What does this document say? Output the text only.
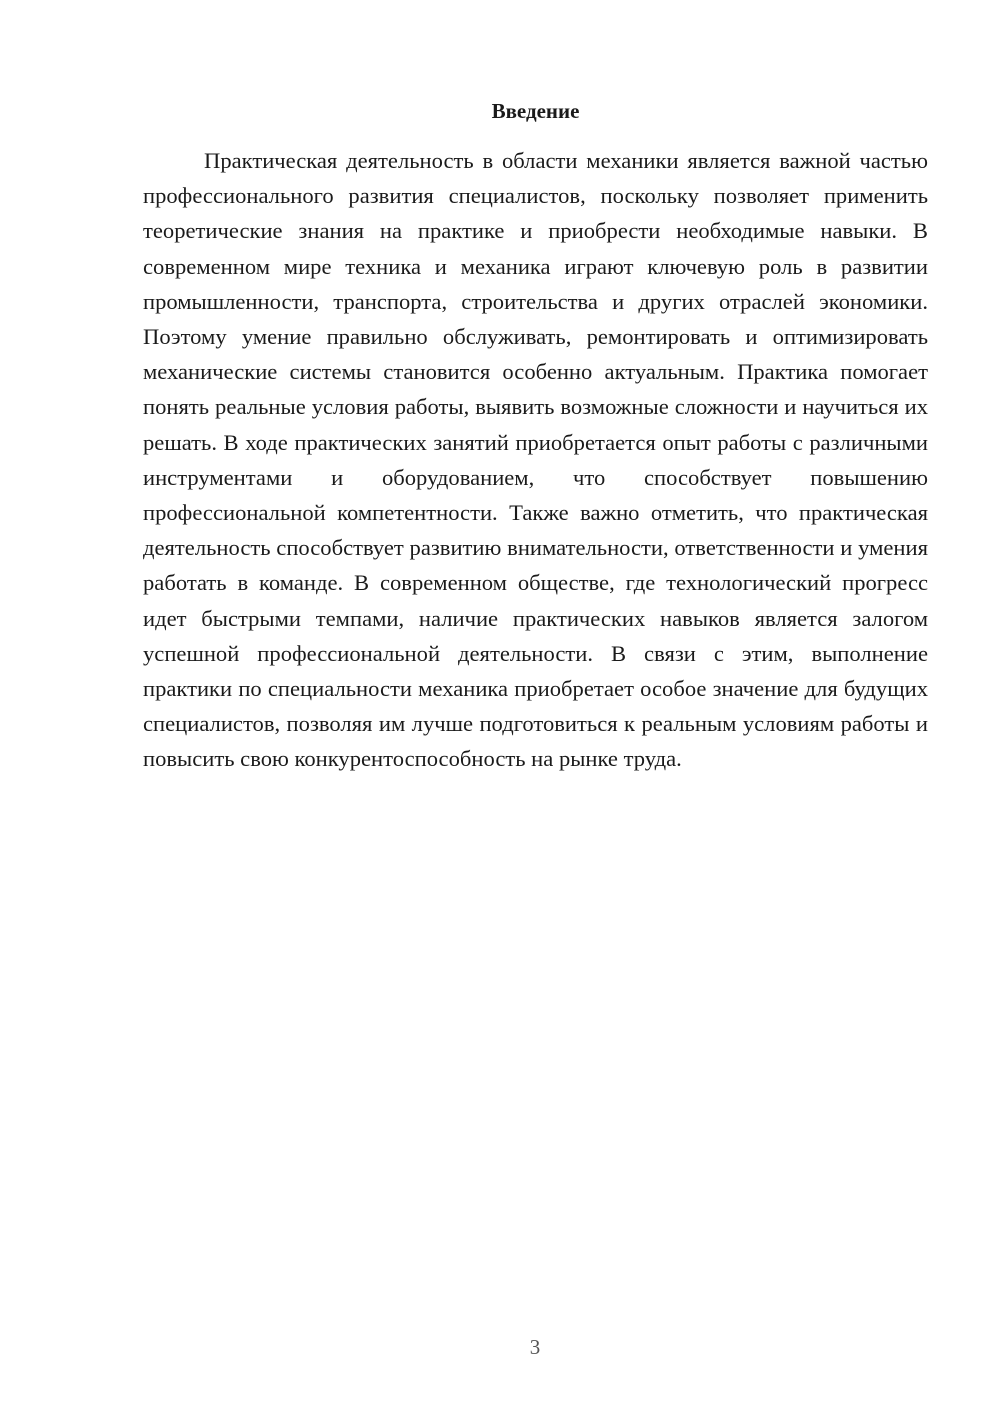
Введение

Практическая деятельность в области механики является важной частью профессионального развития специалистов, поскольку позволяет применить теоретические знания на практике и приобрести необходимые навыки. В современном мире техника и механика играют ключевую роль в развитии промышленности, транспорта, строительства и других отраслей экономики. Поэтому умение правильно обслуживать, ремонтировать и оптимизировать механические системы становится особенно актуальным. Практика помогает понять реальные условия работы, выявить возможные сложности и научиться их решать. В ходе практических занятий приобретается опыт работы с различными инструментами и оборудованием, что способствует повышению профессиональной компетентности. Также важно отметить, что практическая деятельность способствует развитию внимательности, ответственности и умения работать в команде. В современном обществе, где технологический прогресс идет быстрыми темпами, наличие практических навыков является залогом успешной профессиональной деятельности. В связи с этим, выполнение практики по специальности механика приобретает особое значение для будущих специалистов, позволяя им лучше подготовиться к реальным условиям работы и повысить свою конкурентоспособность на рынке труда.

3
